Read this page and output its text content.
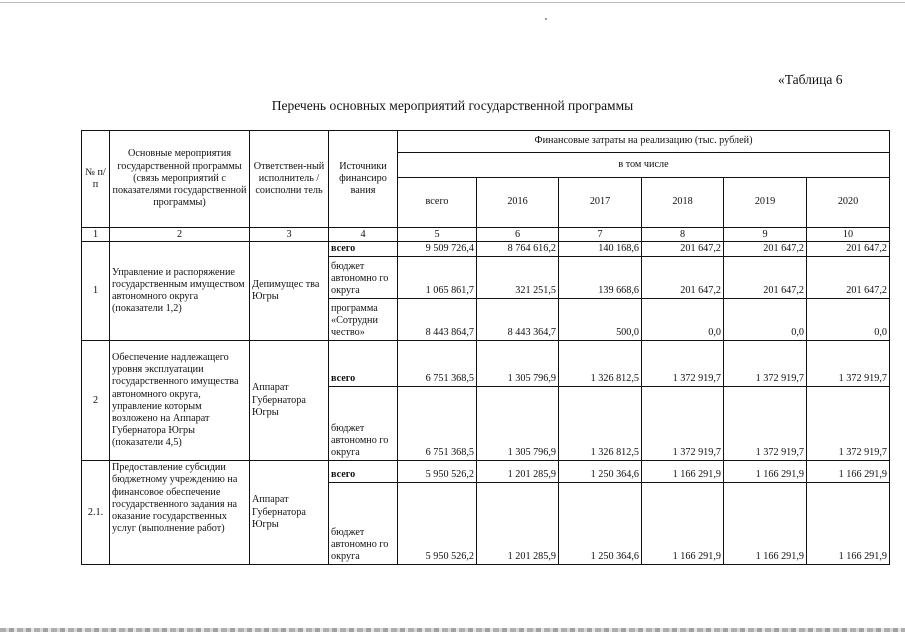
«Таблица 6
Перечень основных мероприятий государственной программы
№ п/п	Основные мероприятия государственной программы (связь мероприятий с показателями государственной программы)	Ответствен-ный исполнитель / соисполни тель	Источники финансиро вания	Финансовые затраты на реализацию (тыс. рублей)					
				в том числе					
				всего	2016	2017	2018	2019	2020
1	2	3	4	5	6	7	8	9	10
1	Управление и распоряжение государственным имуществом автономного округа (показатели 1,2)	Депимущес тва Югры	всего	9 509 726,4	8 764 616,2	140 168,6	201 647,2	201 647,2	201 647,2
			бюджет автономно го округа	1 065 861,7	321 251,5	139 668,6	201 647,2	201 647,2	201 647,2
			программа «Сотрудни чество»	8 443 864,7	8 443 364,7	500,0	0,0	0,0	0,0
2	Обеспечение надлежащего уровня эксплуатации государственного имущества автономного округа, управление которым возложено на Аппарат Губернатора Югры (показатели 4,5)	Аппарат Губернатора Югры	всего	6 751 368,5	1 305 796,9	1 326 812,5	1 372 919,7	1 372 919,7	1 372 919,7
			бюджет автономно го округа	6 751 368,5	1 305 796,9	1 326 812,5	1 372 919,7	1 372 919,7	1 372 919,7
2.1.	Предоставление субсидии бюджетному учреждению на финансовое обеспечение государственного задания на оказание государственных услуг (выполнение работ)	Аппарат Губернатора Югры	всего	5 950 526,2	1 201 285,9	1 250 364,6	1 166 291,9	1 166 291,9	1 166 291,9
			бюджет автономно го округа	5 950 526,2	1 201 285,9	1 250 364,6	1 166 291,9	1 166 291,9	1 166 291,9
